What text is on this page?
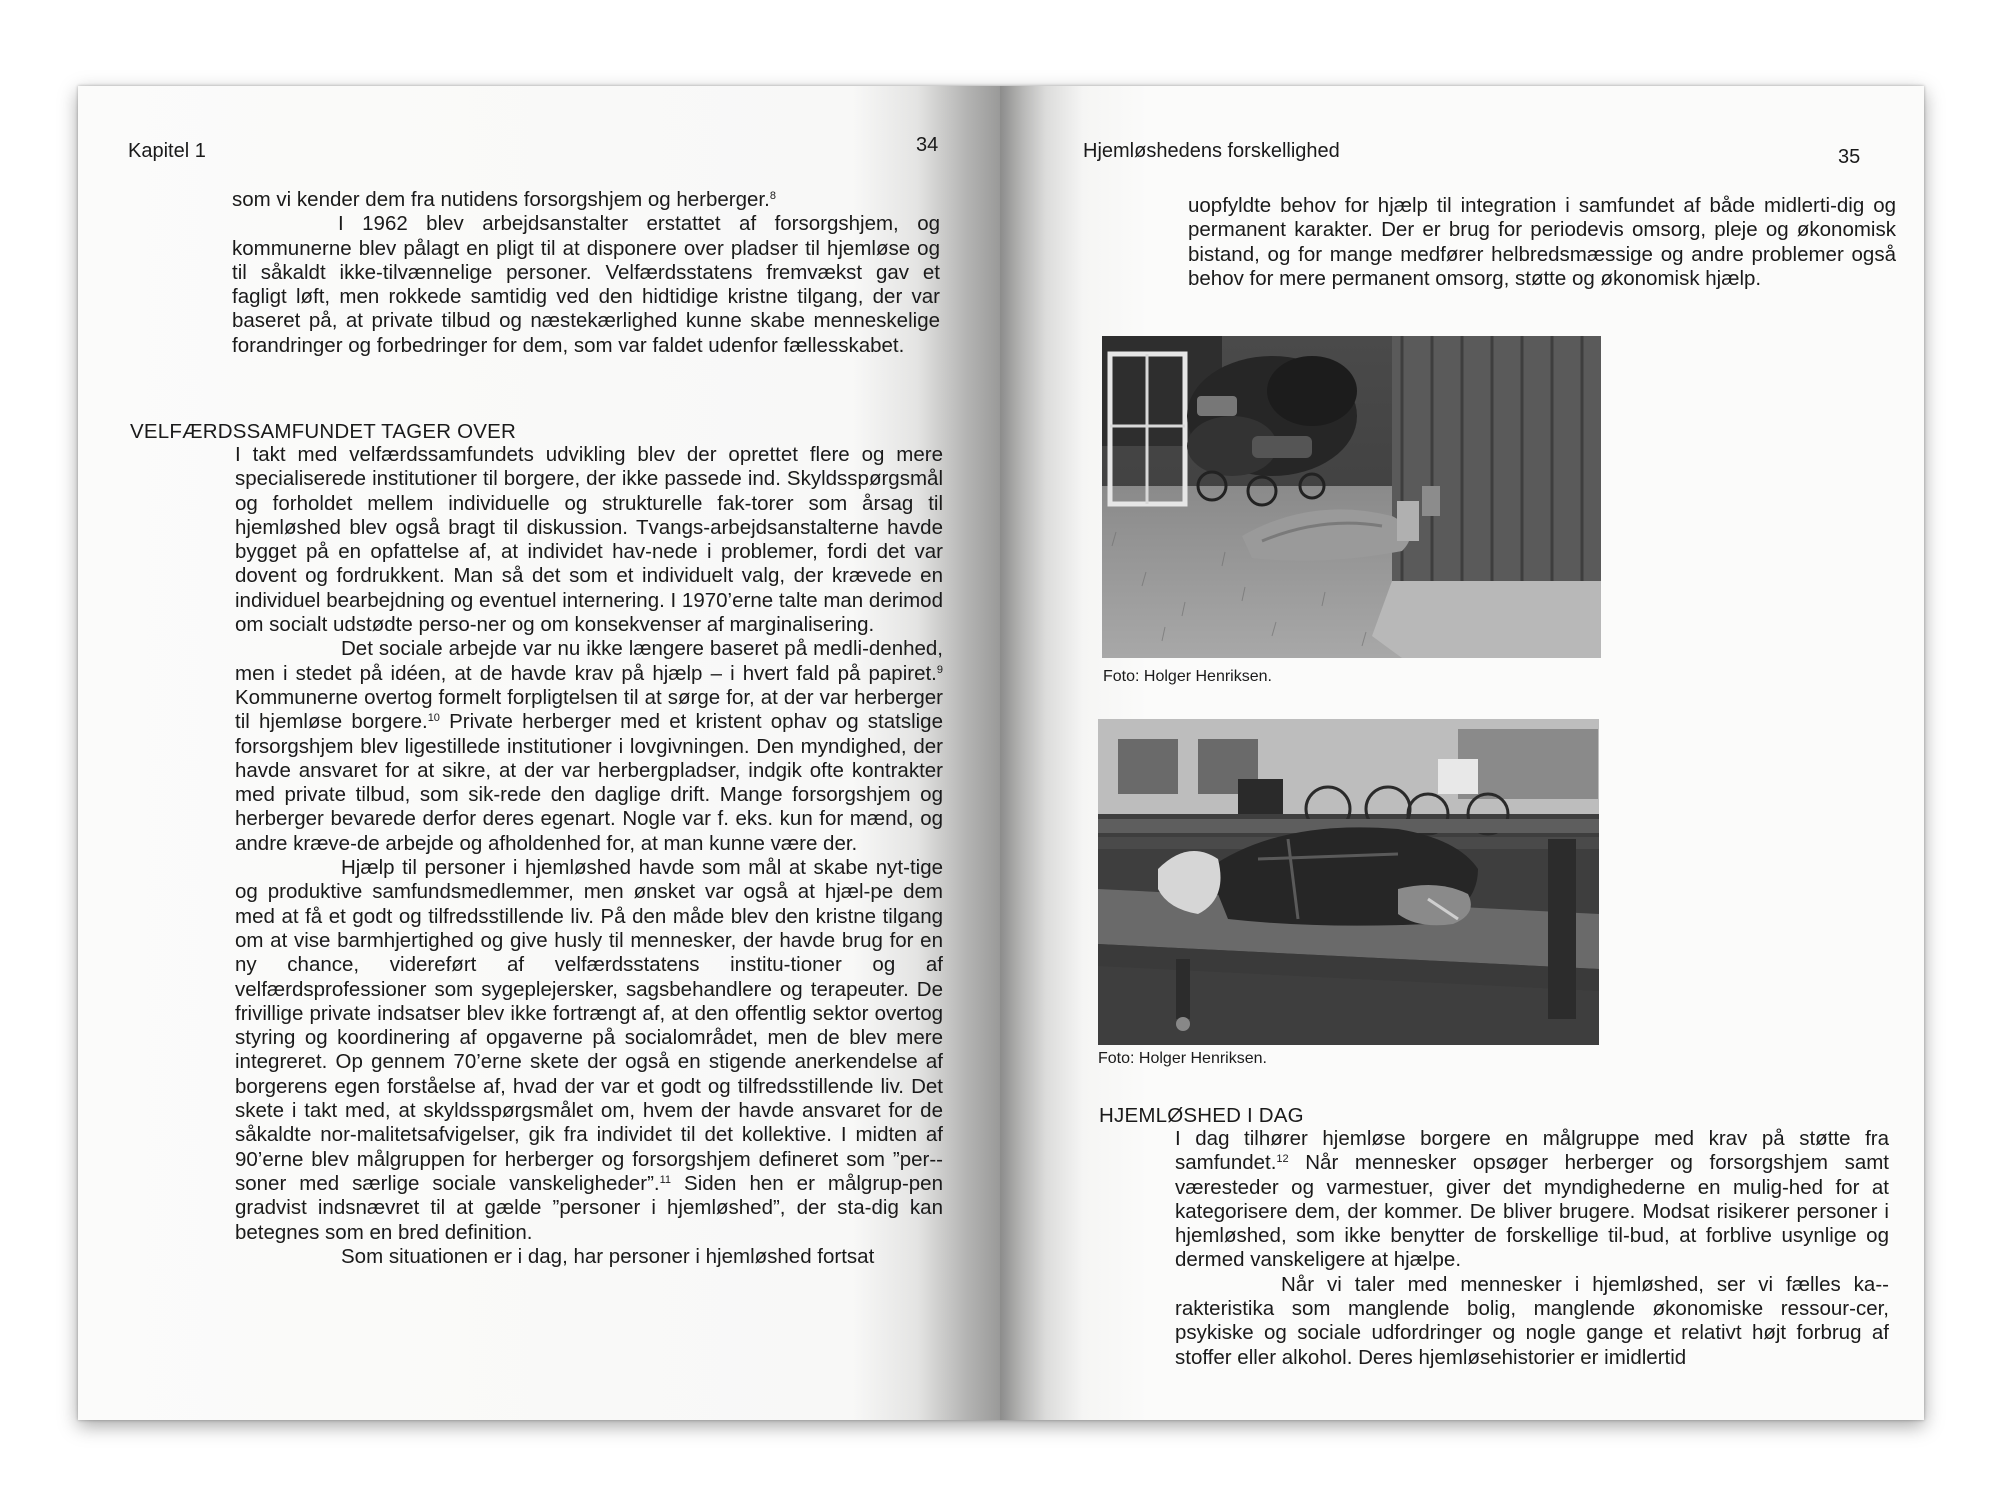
Kapitel 1	34

som vi kender dem fra nutidens forsorgshjem og herberger.$^8$

I 1962 blev arbejdsanstalter erstattet af forsorgshjem, og kommunerne blev pålagt en pligt til at disponere over pladser til hjemløse og til såkaldt ikke-tilvænnelige personer. Velfærdsstatens fremvækst gav et fagligt løft, men rokkede samtidig ved den hidtidige kristne tilgang, der var baseret på, at private tilbud og næstekærlighed kunne skabe menneskelige forandringer og forbedringer for dem, som var faldet udenfor fællesskabet.

VELFÆRDSSAMFUNDET TAGER OVER

I takt med velfærdssamfundets udvikling blev der oprettet flere og mere specialiserede institutioner til borgere, der ikke passede ind. Skyldsspørgsmål og forholdet mellem individuelle og strukturelle fak-torer som årsag til hjemløshed blev også bragt til diskussion. Tvangs-arbejdsanstalterne havde bygget på en opfattelse af, at individet hav-nede i problemer, fordi det var dovent og fordrukkent. Man så det som et individuelt valg, der krævede en individuel bearbejdning og eventuel internering. I 1970’erne talte man derimod om socialt udstødte perso-ner og om konsekvenser af marginalisering.

Det sociale arbejde var nu ikke længere baseret på medli-denhed, men i stedet på idéen, at de havde krav på hjælp – i hvert fald på papiret.$^9$ Kommunerne overtog formelt forpligtelsen til at sørge for, at der var herberger til hjemløse borgere.$^{10}$ Private herberger med et kristent ophav og statslige forsorgshjem blev ligestillede institutioner i lovgivningen. Den myndighed, der havde ansvaret for at sikre, at der var herbergpladser, indgik ofte kontrakter med private tilbud, som sik-rede den daglige drift. Mange forsorgshjem og herberger bevarede derfor deres egenart. Nogle var f. eks. kun for mænd, og andre kræve-de arbejde og afholdenhed for, at man kunne være der.

Hjælp til personer i hjemløshed havde som mål at skabe nyt-tige og produktive samfundsmedlemmer, men ønsket var også at hjæl-pe dem med at få et godt og tilfredsstillende liv. På den måde blev den kristne tilgang om at vise barmhjertighed og give husly til mennesker, der havde brug for en ny chance, videreført af velfærdsstatens institu-tioner og af velfærdsprofessioner som sygeplejersker, sagsbehandlere og terapeuter. De frivillige private indsatser blev ikke fortrængt af, at den offentlig sektor overtog styring og koordinering af opgaverne på socialområdet, men de blev mere integreret. Op gennem 70’erne skete der også en stigende anerkendelse af borgerens egen forståelse af, hvad der var et godt og tilfredsstillende liv. Det skete i takt med, at skyldsspørgsmålet om, hvem der havde ansvaret for de såkaldte nor-malitetsafvigelser, gik fra individet til det kollektive. I midten af 90’erne blev målgruppen for herberger og forsorgshjem defineret som ”per-soner med særlige sociale vanskeligheder”.$^{11}$ Siden hen er målgrup-pen gradvist indsnævret til at gælde ”personer i hjemløshed”, der sta-dig kan betegnes som en bred definition.

Som situationen er i dag, har personer i hjemløshed fortsat

Hjemløshedens forskellighed	35

uopfyldte behov for hjælp til integration i samfundet af både midlerti-dig og permanent karakter. Der er brug for periodevis omsorg, pleje og økonomisk bistand, og for mange medfører helbredsmæssige og andre problemer også behov for mere permanent omsorg, støtte og økonomisk hjælp.

Foto: Holger Henriksen.
Foto: Holger Henriksen.
HJEMLØSHED I DAG

I dag tilhører hjemløse borgere en målgruppe med krav på støtte fra samfundet.$^{12}$ Når mennesker opsøger herberger og forsorgshjem samt væresteder og varmestuer, giver det myndighederne en mulig-hed for at kategorisere dem, der kommer. De bliver brugere. Modsat risikerer personer i hjemløshed, som ikke benytter de forskellige til-bud, at forblive usynlige og dermed vanskeligere at hjælpe.

Når vi taler med mennesker i hjemløshed, ser vi fælles ka-rakteristika som manglende bolig, manglende økonomiske ressour-cer, psykiske og sociale udfordringer og nogle gange et relativt højt forbrug af stoffer eller alkohol. Deres hjemløsehistorier er imidlertid
